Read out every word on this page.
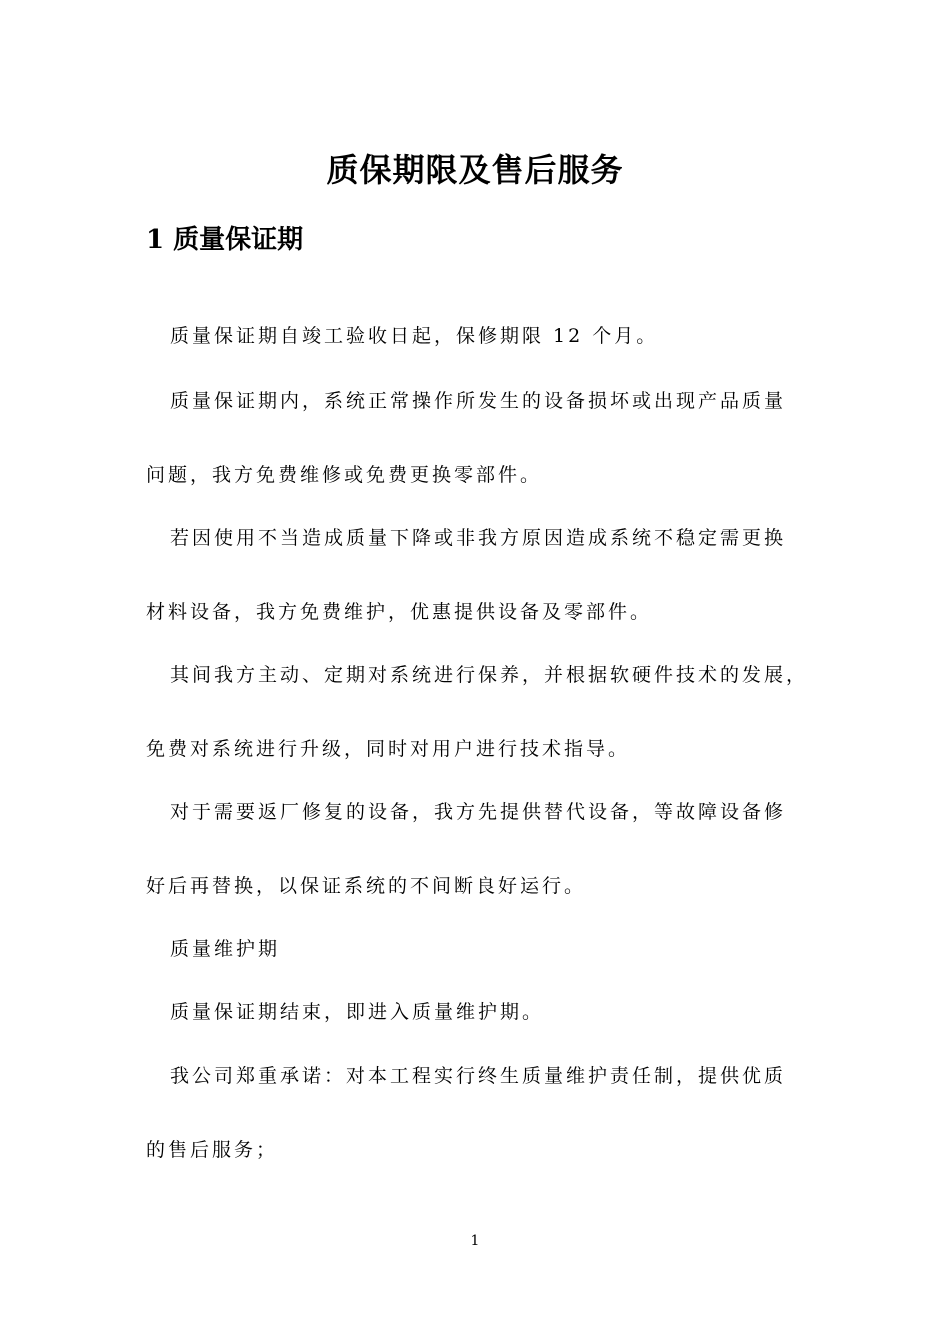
质保期限及售后服务
1 质量保证期

质量保证期自竣工验收日起，保修期限 12 个月。

质量保证期内，系统正常操作所发生的设备损坏或出现产品质量

问题，我方免费维修或免费更换零部件。

若因使用不当造成质量下降或非我方原因造成系统不稳定需更换

材料设备，我方免费维护，优惠提供设备及零部件。

其间我方主动、定期对系统进行保养，并根据软硬件技术的发展，

免费对系统进行升级，同时对用户进行技术指导。

对于需要返厂修复的设备，我方先提供替代设备，等故障设备修

好后再替换，以保证系统的不间断良好运行。

质量维护期

质量保证期结束，即进入质量维护期。

我公司郑重承诺：对本工程实行终生质量维护责任制，提供优质

的售后服务；

1
